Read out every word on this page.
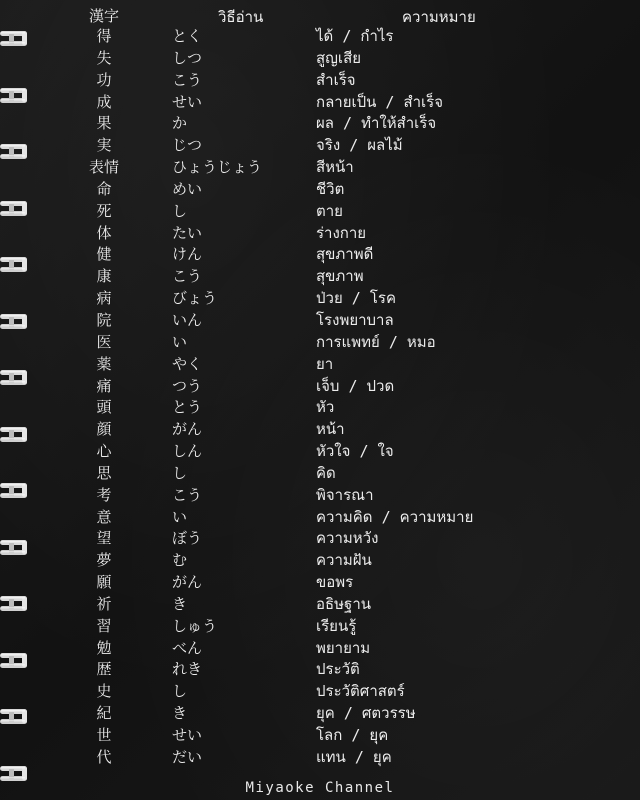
漢字	วิธีอ่าน	ความหมาย
得	とく	ได้ / กำไร
失	しつ	สูญเสีย
功	こう	สำเร็จ
成	せい	กลายเป็น / สำเร็จ
果	か	ผล / ทำให้สำเร็จ
実	じつ	จริง / ผลไม้
表情	ひょうじょう	สีหน้า
命	めい	ชีวิต
死	し	ตาย
体	たい	ร่างกาย
健	けん	สุขภาพดี
康	こう	สุขภาพ
病	びょう	ป่วย / โรค
院	いん	โรงพยาบาล
医	い	การแพทย์ / หมอ
薬	やく	ยา
痛	つう	เจ็บ / ปวด
頭	とう	หัว
顔	がん	หน้า
心	しん	หัวใจ / ใจ
思	し	คิด
考	こう	พิจารณา
意	い	ความคิด / ความหมาย
望	ぼう	ความหวัง
夢	む	ความฝัน
願	がん	ขอพร
祈	き	อธิษฐาน
習	しゅう	เรียนรู้
勉	べん	พยายาม
歴	れき	ประวัติ
史	し	ประวัติศาสตร์
紀	き	ยุค / ศตวรรษ
世	せい	โลก / ยุค
代	だい	แทน / ยุค
Miyaoke Channel
